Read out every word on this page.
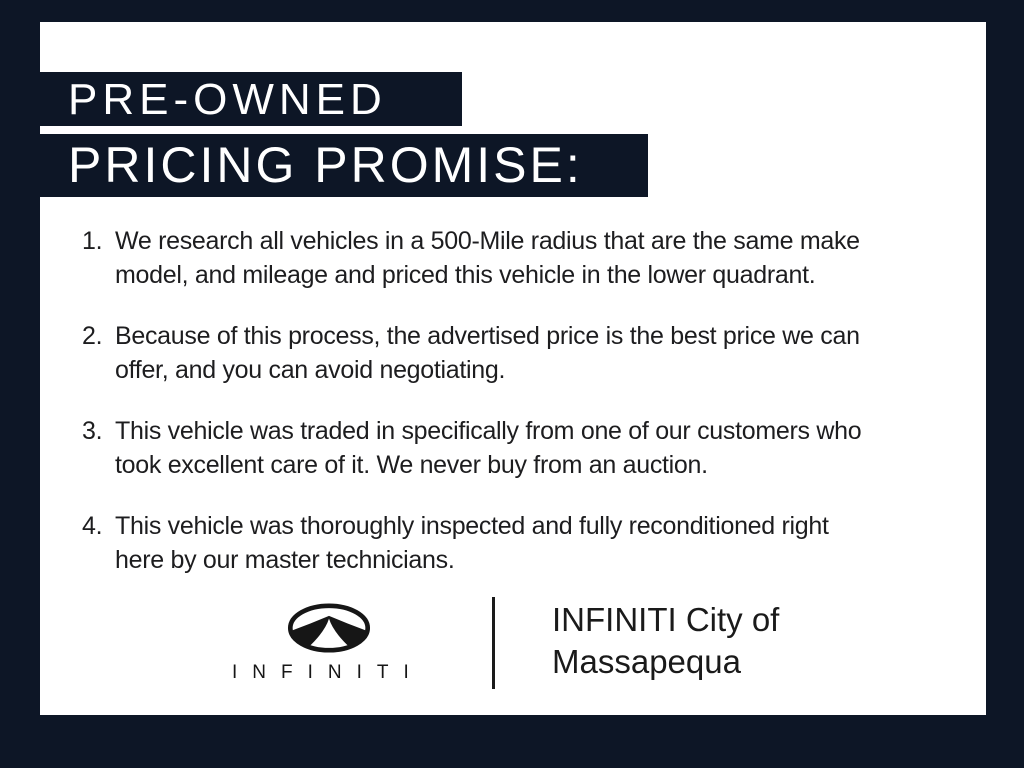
PRE-OWNED
PRICING PROMISE:
1. We research all vehicles in a 500-Mile radius that are the same make
model, and mileage and priced this vehicle in the lower quadrant.
2. Because of this process, the advertised price is the best price we can
offer, and you can avoid negotiating.
3. This vehicle was traded in specifically from one of our customers who
took excellent care of it. We never buy from an auction.
4. This vehicle was thoroughly inspected and fully reconditioned right
here by our master technicians.
INFINITI
INFINITI City of
Massapequa
